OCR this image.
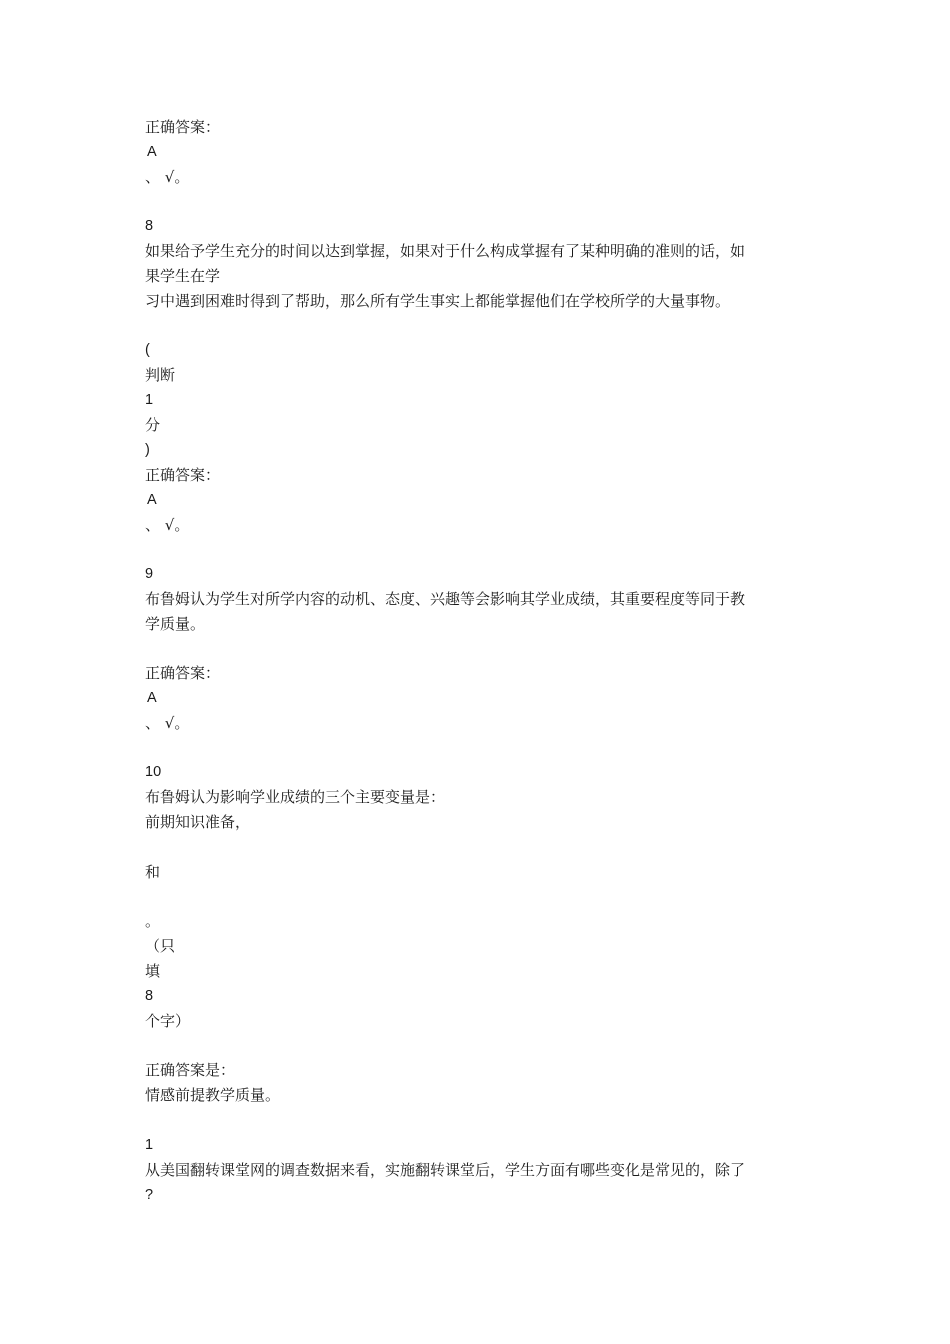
正确答案：
A
、 √。
8
如果给予学生充分的时间以达到掌握，如果对于什么构成掌握有了某种明确的准则的话，如
果学生在学
习中遇到困难时得到了帮助，那么所有学生事实上都能掌握他们在学校所学的大量事物。
(
判断
1
分
)
正确答案：
A
、 √。
9
布鲁姆认为学生对所学内容的动机、态度、兴趣等会影响其学业成绩，其重要程度等同于教
学质量。
正确答案：
A
、 √。
10
布鲁姆认为影响学业成绩的三个主要变量是：
前期知识准备，
和
。
（只
填
8
个字）
正确答案是：
情感前提教学质量。
1
从美国翻转课堂网的调查数据来看，实施翻转课堂后，学生方面有哪些变化是常见的，除了
?
